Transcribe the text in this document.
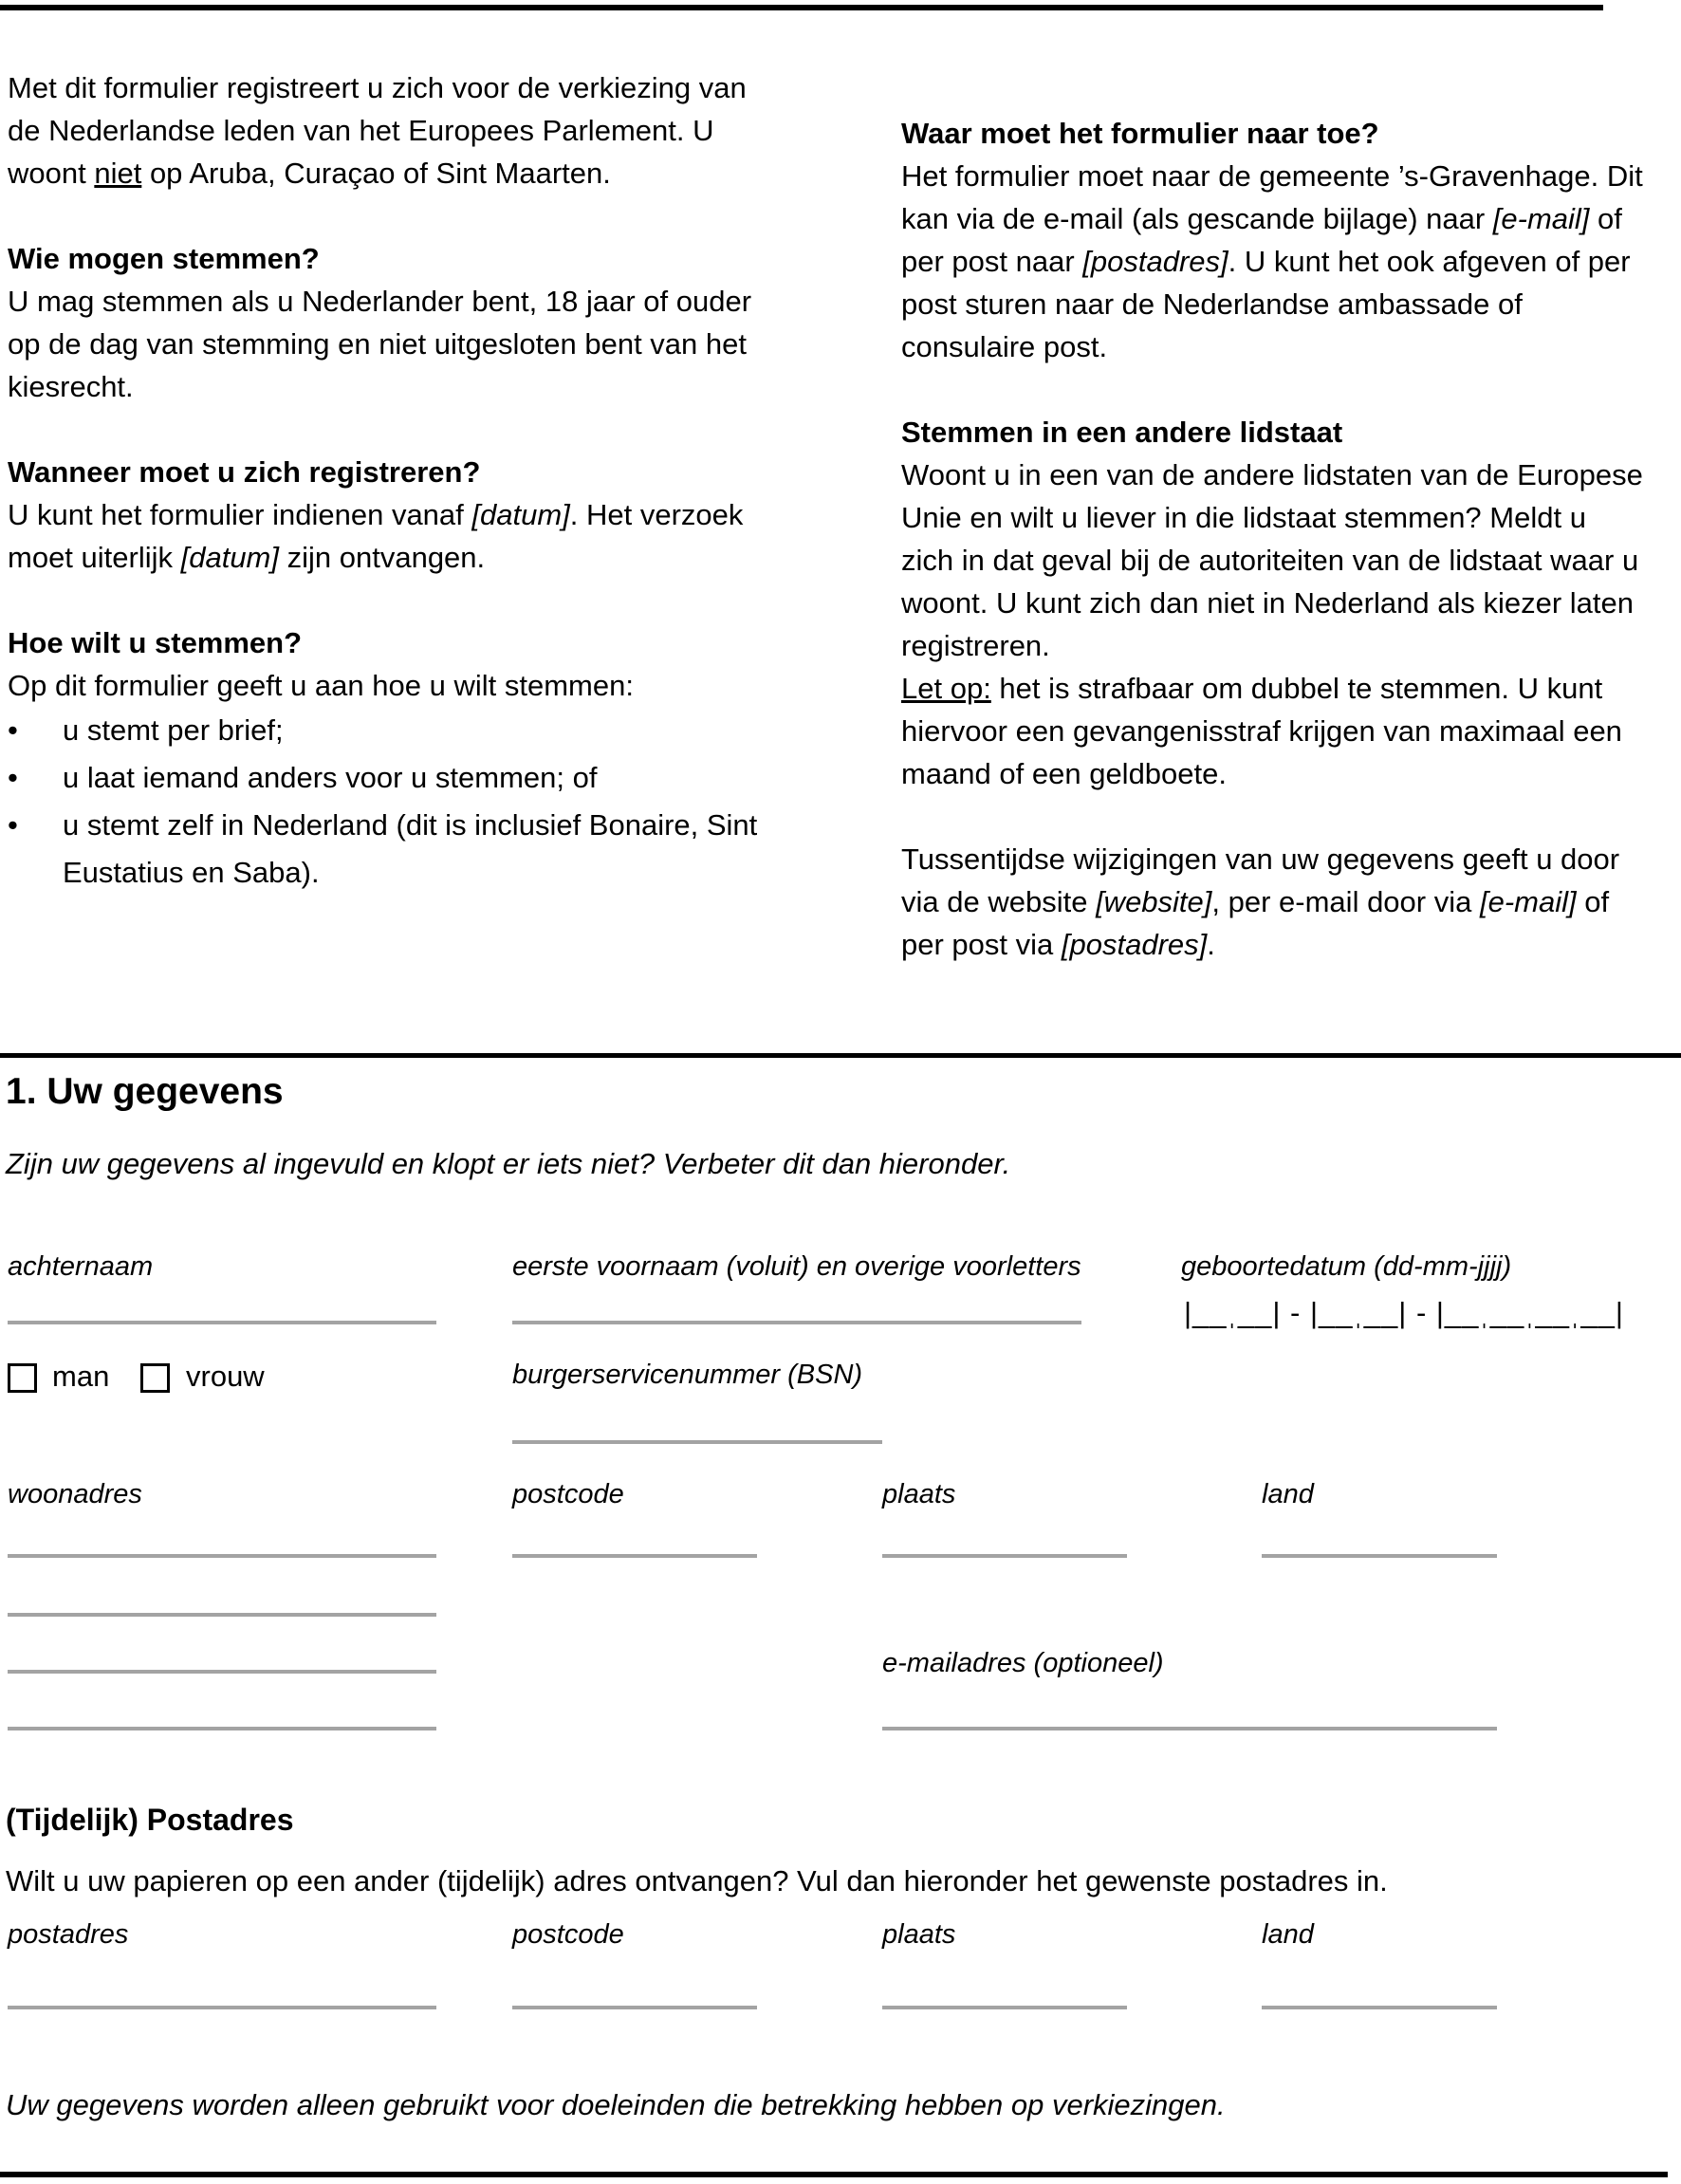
Met dit formulier registreert u zich voor de verkiezing van de Nederlandse leden van het Europees Parlement. U woont niet op Aruba, Curaçao of Sint Maarten.

Wie mogen stemmen?

U mag stemmen als u Nederlander bent, 18 jaar of ouder op de dag van stemming en niet uitgesloten bent van het kiesrecht.

Wanneer moet u zich registreren?

U kunt het formulier indienen vanaf [datum]. Het verzoek moet uiterlijk [datum] zijn ontvangen.

Hoe wilt u stemmen?

Op dit formulier geeft u aan hoe u wilt stemmen:

•
u stemt per brief;
•
u laat iemand anders voor u stemmen; of
•
u stemt zelf in Nederland (dit is inclusief Bonaire, Sint Eustatius en Saba).
Waar moet het formulier naar toe?

Het formulier moet naar de gemeente ’s-Gravenhage. Dit kan via de e-mail (als gescande bijlage) naar [e-mail] of per post naar [postadres]. U kunt het ook afgeven of per post sturen naar de Nederlandse ambassade of consulaire post.

Stemmen in een andere lidstaat

Woont u in een van de andere lidstaten van de Europese Unie en wilt u liever in die lidstaat stemmen? Meldt u zich in dat geval bij de autoriteiten van de lidstaat waar u woont. U kunt zich dan niet in Nederland als kiezer laten registreren.

Let op: het is strafbaar om dubbel te stemmen. U kunt hiervoor een gevangenisstraf krijgen van maximaal een maand of een geldboete.

Tussentijdse wijzigingen van uw gegevens geeft u door via de website [website], per e-mail door via [e-mail] of per post via [postadres].

1. Uw gegevens
Zijn uw gegevens al ingevuld en klopt er iets niet? Verbeter dit dan hieronder.
achternaam	eerste voornaam (voluit) en overige voorletters	geboortedatum (dd-mm-jjjj)
|__ˌ__| - |__ˌ__| - |__ˌ__ˌ__ˌ__|
man	vrouw	burgerservicenummer (BSN)
woonadres	postcode	plaats	land
e-mailadres (optioneel)
(Tijdelijk) Postadres
Wilt u uw papieren op een ander (tijdelijk) adres ontvangen? Vul dan hieronder het gewenste postadres in.
postadres	postcode	plaats	land
Uw gegevens worden alleen gebruikt voor doeleinden die betrekking hebben op verkiezingen.
